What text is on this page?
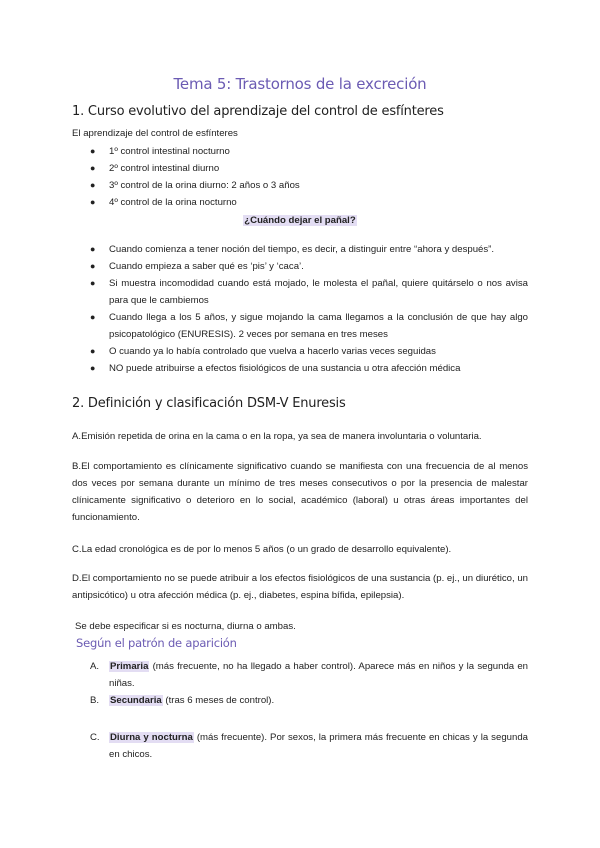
Tema 5: Trastornos de la excreción
1. Curso evolutivo del aprendizaje del control de esfínteres
El aprendizaje del control de esfínteres
● 1º control intestinal nocturno
● 2º control intestinal diurno
● 3º control de la orina diurno: 2 años o 3 años
● 4º control de la orina nocturno
¿Cuándo dejar el pañal?
● Cuando comienza a tener noción del tiempo, es decir, a distinguir entre “ahora y después”.
● Cuando empieza a saber qué es ‘pis’ y ‘caca’.
● Si muestra incomodidad cuando está mojado, le molesta el pañal, quiere quitárselo o nos avisa para que le cambiemos
● Cuando llega a los 5 años, y sigue mojando la cama llegamos a la conclusión de que hay algo psicopatológico (ENURESIS). 2 veces por semana en tres meses
● O cuando ya lo había controlado que vuelva a hacerlo varias veces seguidas
● NO puede atribuirse a efectos fisiológicos de una sustancia u otra afección médica
2. Definición y clasificación DSM-V Enuresis
A.Emisión repetida de orina en la cama o en la ropa, ya sea de manera involuntaria o voluntaria.
B.El comportamiento es clínicamente significativo cuando se manifiesta con una frecuencia de al menos dos veces por semana durante un mínimo de tres meses consecutivos o por la presencia de malestar clínicamente significativo o deterioro en lo social, académico (laboral) u otras áreas importantes del funcionamiento.
C.La edad cronológica es de por lo menos 5 años (o un grado de desarrollo equivalente).
D.El comportamiento no se puede atribuir a los efectos fisiológicos de una sustancia (p. ej., un diurético, un antipsicótico) u otra afección médica (p. ej., diabetes, espina bífida, epilepsia).
Se debe especificar si es nocturna, diurna o ambas.
Según el patrón de aparición
A. Primaria (más frecuente, no ha llegado a haber control). Aparece más en niños y la segunda en niñas.
B. Secundaria (tras 6 meses de control).
C. Diurna y nocturna (más frecuente). Por sexos, la primera más frecuente en chicas y la segunda en chicos.
